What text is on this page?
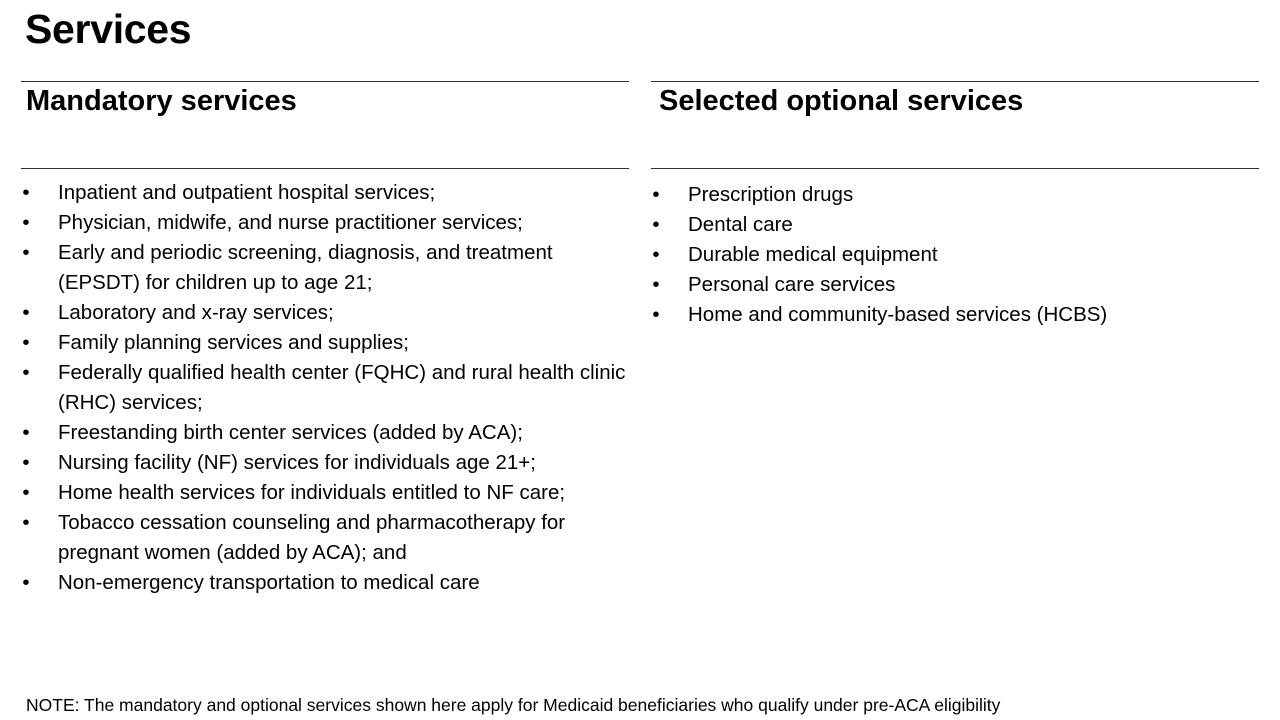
Services
Mandatory services
• Inpatient and outpatient hospital services;
• Physician, midwife, and nurse practitioner services;
• Early and periodic screening, diagnosis, and treatment (EPSDT) for children up to age 21;
• Laboratory and x-ray services;
• Family planning services and supplies;
• Federally qualified health center (FQHC) and rural health clinic (RHC) services;
• Freestanding birth center services (added by ACA);
• Nursing facility (NF) services for individuals age 21+;
• Home health services for individuals entitled to NF care;
• Tobacco cessation counseling and pharmacotherapy for pregnant women (added by ACA); and
• Non-emergency transportation to medical care
Selected optional services
• Prescription drugs
• Dental care
• Durable medical equipment
• Personal care services
• Home and community-based services (HCBS)
NOTE: The mandatory and optional services shown here apply for Medicaid beneficiaries who qualify under pre-ACA eligibility
